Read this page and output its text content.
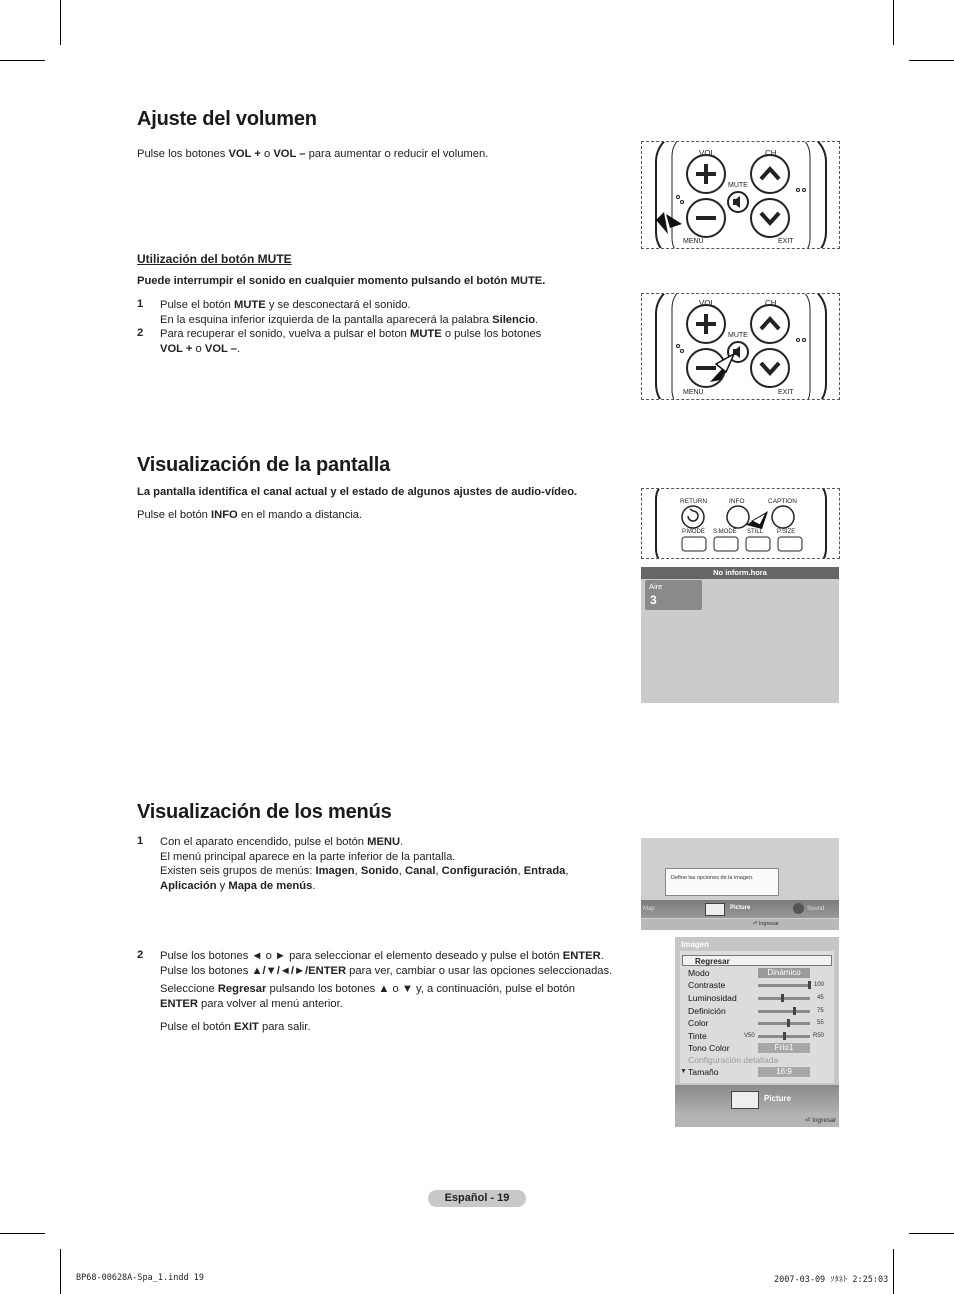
Ajuste del volumen
Pulse los botones VOL + o VOL – para aumentar o reducir el volumen.
Utilización del botón MUTE
Puede interrumpir el sonido en cualquier momento pulsando el botón MUTE.
1 Pulse el botón MUTE y se desconectará el sonido.
En la esquina inferior izquierda de la pantalla aparecerá la palabra Silencio.
2 Para recuperar el sonido, vuelva a pulsar el boton MUTE o pulse los botones
VOL + o VOL –.
VOL	CH
MUTE
MENU	EXIT
VOL	CH
MUTE
MENU	EXIT
Visualización de la pantalla
La pantalla identifica el canal actual y el estado de algunos ajustes de audio-vídeo.
Pulse el botón INFO en el mando a distancia.
RETURN	INFO	CAPTION
P.MODE S.MODE STILL P.SIZE
No inform.hora
Aire
3
Visualización de los menús
1 Con el aparato encendido, pulse el botón MENU.
El menú principal aparece en la parte inferior de la pantalla.
Existen seis grupos de menús: Imagen, Sonido, Canal, Configuración, Entrada,
Aplicación y Mapa de menús.
2 Pulse los botones ◄ o ► para seleccionar el elemento deseado y pulse el botón ENTER.
Pulse los botones ▲/▼/◄/►/ENTER para ver, cambiar o usar las opciones seleccionadas.
Seleccione Regresar pulsando los botones ▲ o ▼ y, a continuación, pulse el botón
ENTER para volver al menú anterior.
Pulse el botón EXIT para salir.
Define las opciones de la imagen.
Map	Picture	Sound
⏎ Ingresar
Imagen
Regresar
Modo	Dinámico
Contraste	100
Luminosidad	45
Definición	75
Color	55
Tinte	V50	R50
Tono Color	Frío1
Configuración detallada
▼ Tamaño	16:9
Picture
⏎ Ingresar
Español - 19
BP68-00628A-Spa_1.indd 19	2007-03-09 ｿﾀﾈﾄ 2:25:03
